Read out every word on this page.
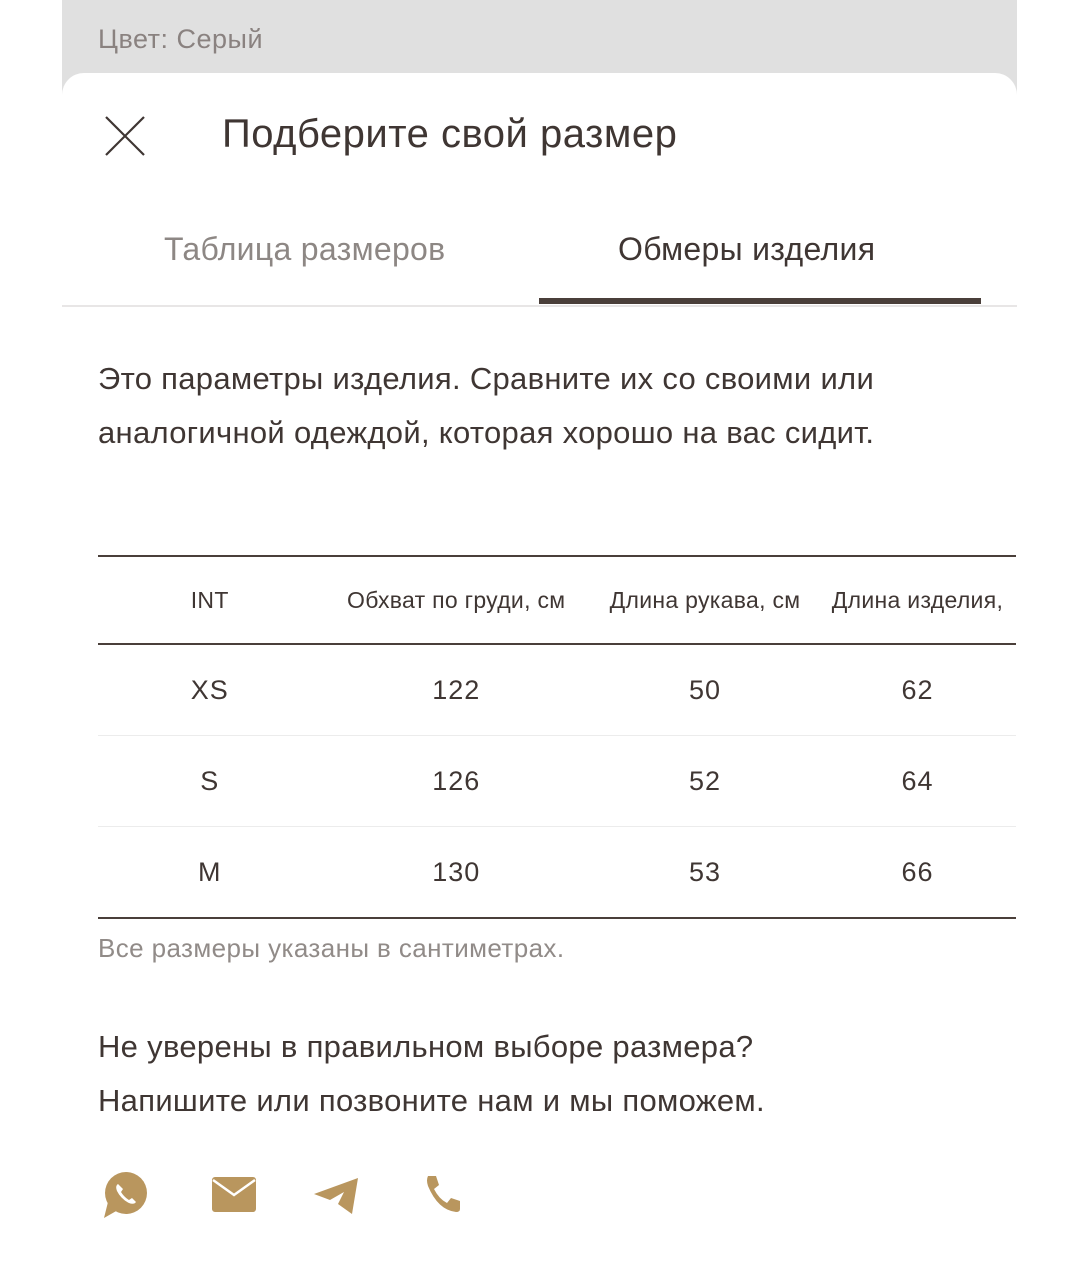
Цвет: Серый
Подберите свой размер
Таблица размеров	Обмеры изделия
Это параметры изделия. Сравните их со своими или аналогичной одеждой, которая хорошо на вас сидит.
INT	Обхват по груди, см	Длина рукава, см	Длина изделия,
XS	122	50	62
S	126	52	64
M	130	53	66
Все размеры указаны в сантиметрах.
Не уверены в правильном выборе размера?
Напишите или позвоните нам и мы поможем.
